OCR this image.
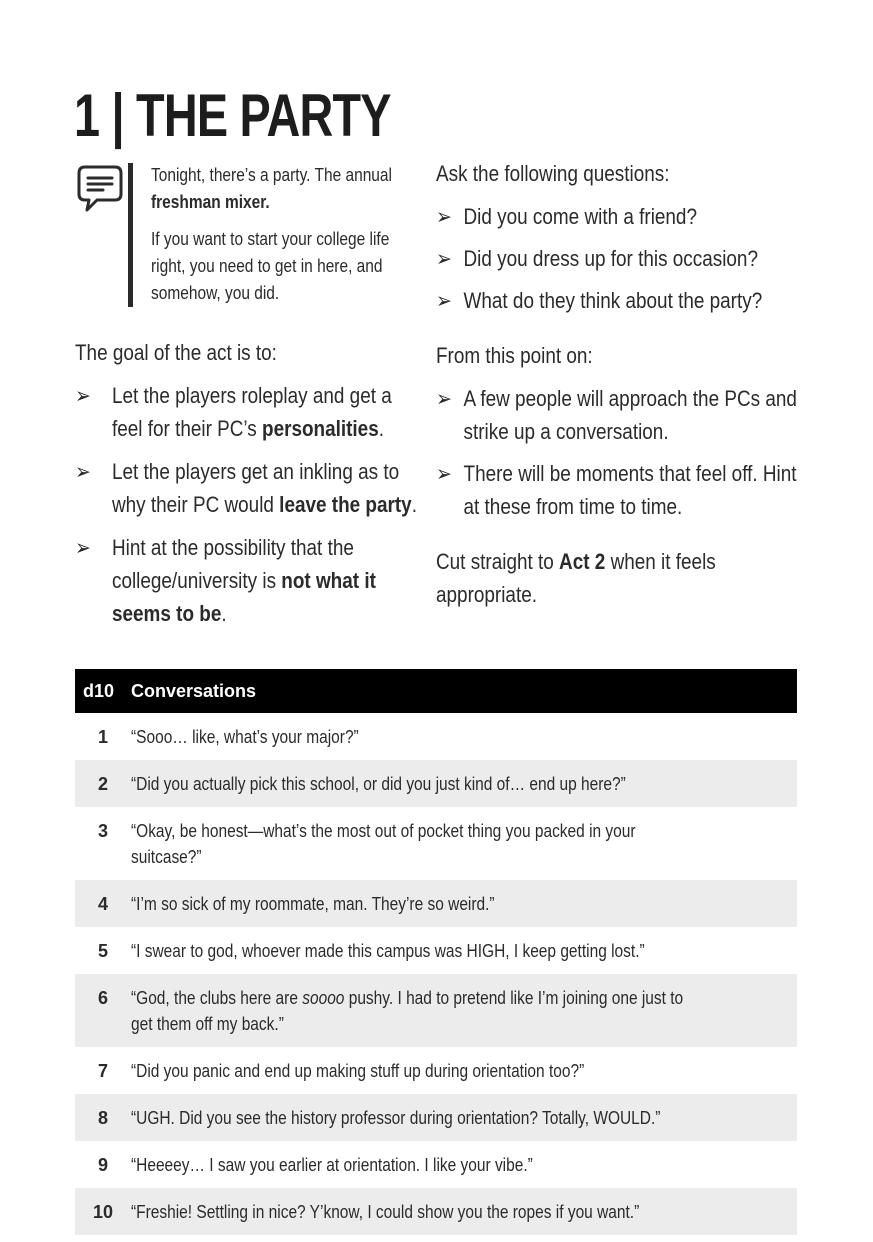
1 | THE PARTY

Tonight, there’s a party. The annual freshman mixer.

If you want to start your college life right, you need to get in here, and somehow, you did.

The goal of the act is to:

➢ Let the players roleplay and get a feel for their PC’s personalities.
➢ Let the players get an inkling as to why their PC would leave the party.
➢ Hint at the possibility that the college/university is not what it seems to be.

Ask the following questions:

➢ Did you come with a friend?
➢ Did you dress up for this occasion?
➢ What do they think about the party?

From this point on:

➢ A few people will approach the PCs and strike up a conversation.
➢ There will be moments that feel off. Hint at these from time to time.

Cut straight to Act 2 when it feels appropriate.

d10 Conversations
1	“Sooo… like, what’s your major?”
2	“Did you actually pick this school, or did you just kind of… end up here?”
3	“Okay, be honest—what’s the most out of pocket thing you packed in your suitcase?”
4	“I’m so sick of my roommate, man. They’re so weird.”
5	“I swear to god, whoever made this campus was HIGH, I keep getting lost.”
6	“God, the clubs here are soooo pushy. I had to pretend like I’m joining one just to get them off my back.”
7	“Did you panic and end up making stuff up during orientation too?”
8	“UGH. Did you see the history professor during orientation? Totally, WOULD.”
9	“Heeeey… I saw you earlier at orientation. I like your vibe.”
10 “Freshie! Settling in nice? Y’know, I could show you the ropes if you want.”
